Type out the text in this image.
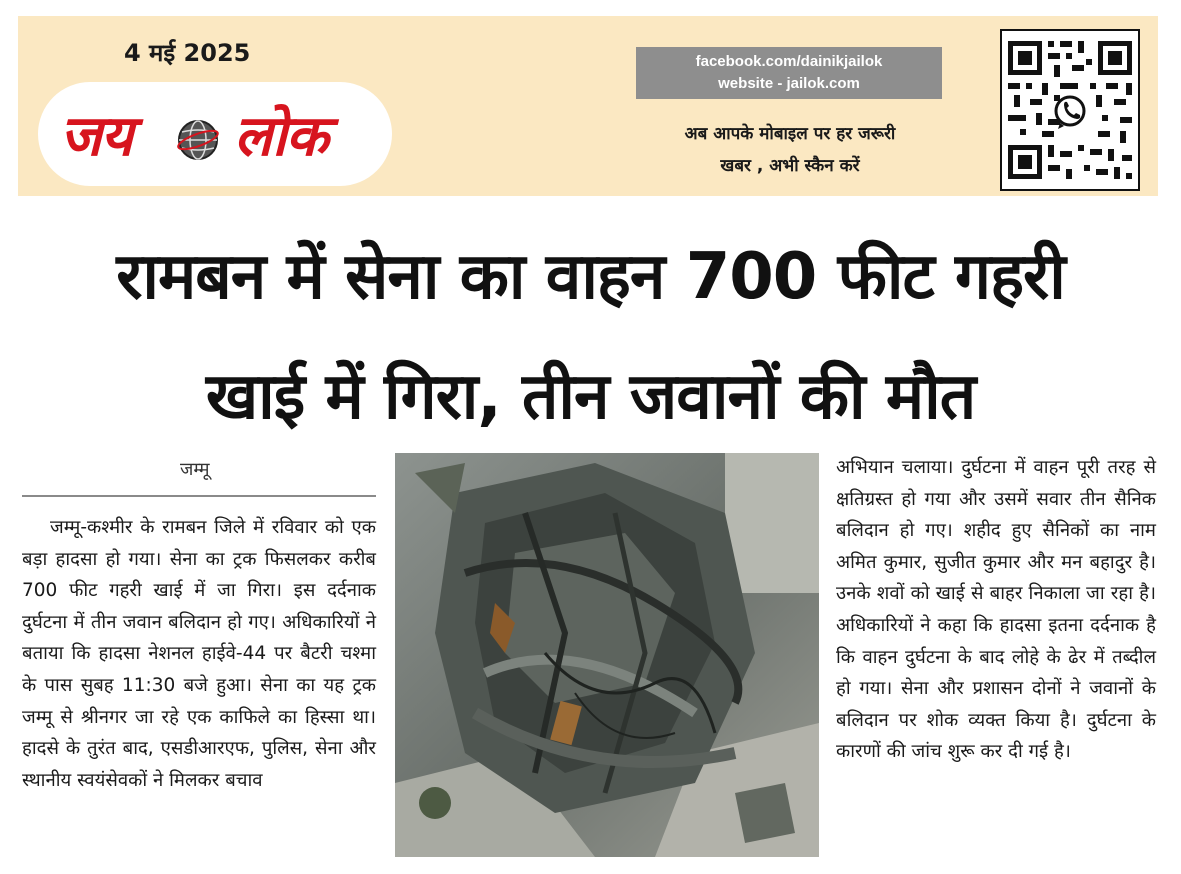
4 मई 2025
जय लोक
facebook.com/dainikjailok
website - jailok.com
अब आपके मोबाइल पर हर जरूरी
खबर , अभी स्कैन करें
रामबन में सेना का वाहन 700 फीट गहरी
खाई में गिरा, तीन जवानों की मौत
जम्मू
जम्मू-कश्मीर के रामबन जिले में रविवार को एक बड़ा हादसा हो गया। सेना का ट्रक फिसलकर करीब 700 फीट गहरी खाई में जा गिरा। इस दर्दनाक दुर्घटना में तीन जवान बलिदान हो गए। अधिकारियों ने बताया कि हादसा नेशनल हाईवे-44 पर बैटरी चश्मा के पास सुबह 11:30 बजे हुआ। सेना का यह ट्रक जम्मू से श्रीनगर जा रहे एक काफिले का हिस्सा था। हादसे के तुरंत बाद, एसडीआरएफ, पुलिस, सेना और स्थानीय स्वयंसेवकों ने मिलकर बचाव
अभियान चलाया। दुर्घटना में वाहन पूरी तरह से क्षतिग्रस्त हो गया और उसमें सवार तीन सैनिक बलिदान हो गए। शहीद हुए सैनिकों का नाम अमित कुमार, सुजीत कुमार और मन बहादुर है। उनके शवों को खाई से बाहर निकाला जा रहा है। अधिकारियों ने कहा कि हादसा इतना दर्दनाक है कि वाहन दुर्घटना के बाद लोहे के ढेर में तब्दील हो गया। सेना और प्रशासन दोनों ने जवानों के बलिदान पर शोक व्यक्त किया है। दुर्घटना के कारणों की जांच शुरू कर दी गई है।
